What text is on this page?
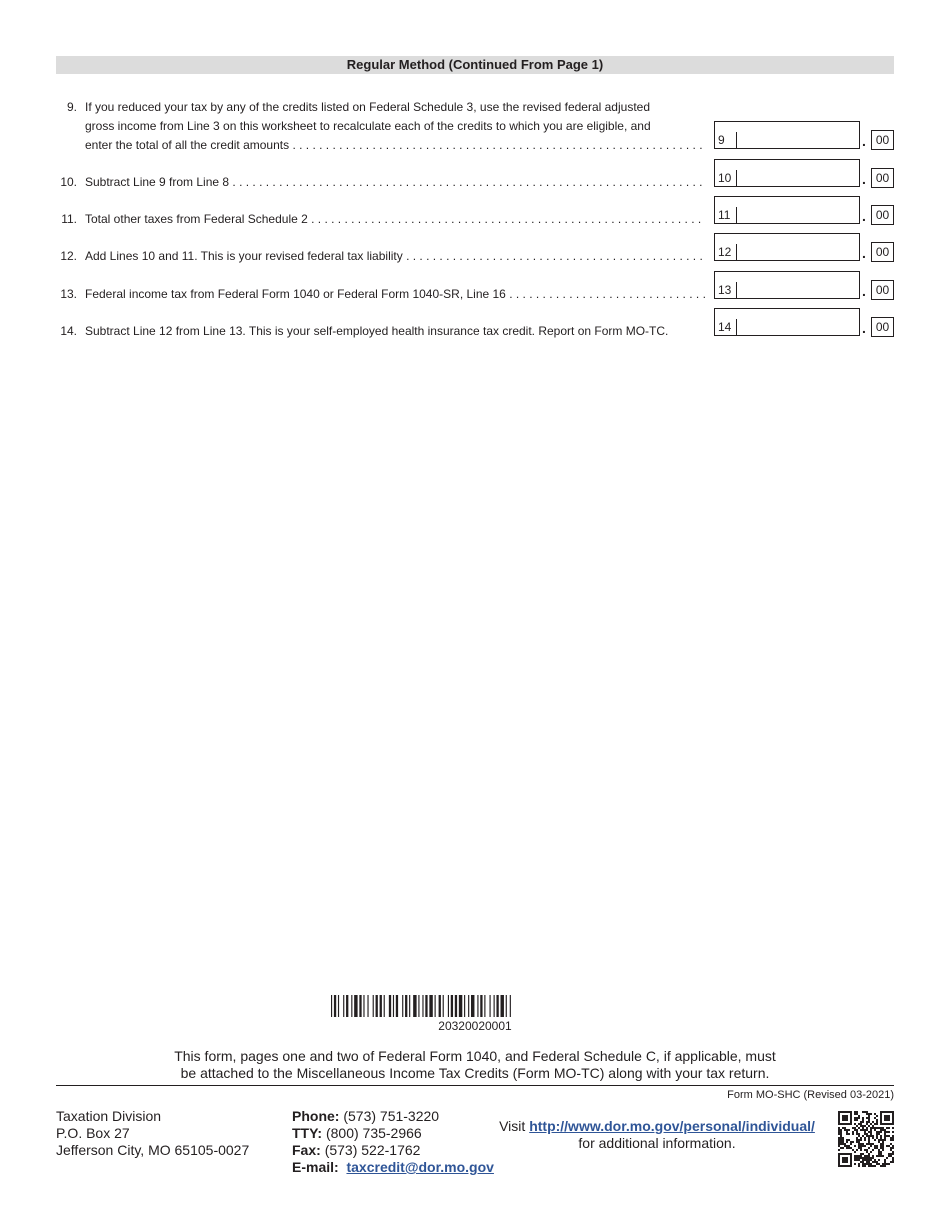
Regular Method (Continued From Page 1)
9. If you reduced your tax by any of the credits listed on Federal Schedule 3, use the revised federal adjusted
gross income from Line 3 on this worksheet to recalculate each of the credits to which you are eligible, and
enter the total of all the credit amounts . . .	9	. 00
10. Subtract Line 9 from Line 8 . . .	10	. 00
11. Total other taxes from Federal Schedule 2 . . .	11	. 00
12. Add Lines 10 and 11. This is your revised federal tax liability . . .	12	. 00
13. Federal income tax from Federal Form 1040 or Federal Form 1040-SR, Line 16 . . .	13	. 00
14. Subtract Line 12 from Line 13. This is your self-employed health insurance tax credit. Report on Form MO-TC.	14	. 00
20320020001
This form, pages one and two of Federal Form 1040, and Federal Schedule C, if applicable, must
be attached to the Miscellaneous Income Tax Credits (Form MO-TC) along with your tax return.
Form MO-SHC (Revised 03-2021)
Taxation Division
P.O. Box 27
Jefferson City, MO 65105-0027
Phone: (573) 751-3220
TTY: (800) 735-2966
Fax: (573) 522-1762
E-mail: taxcredit@dor.mo.gov
Visit http://www.dor.mo.gov/personal/individual/
for additional information.
